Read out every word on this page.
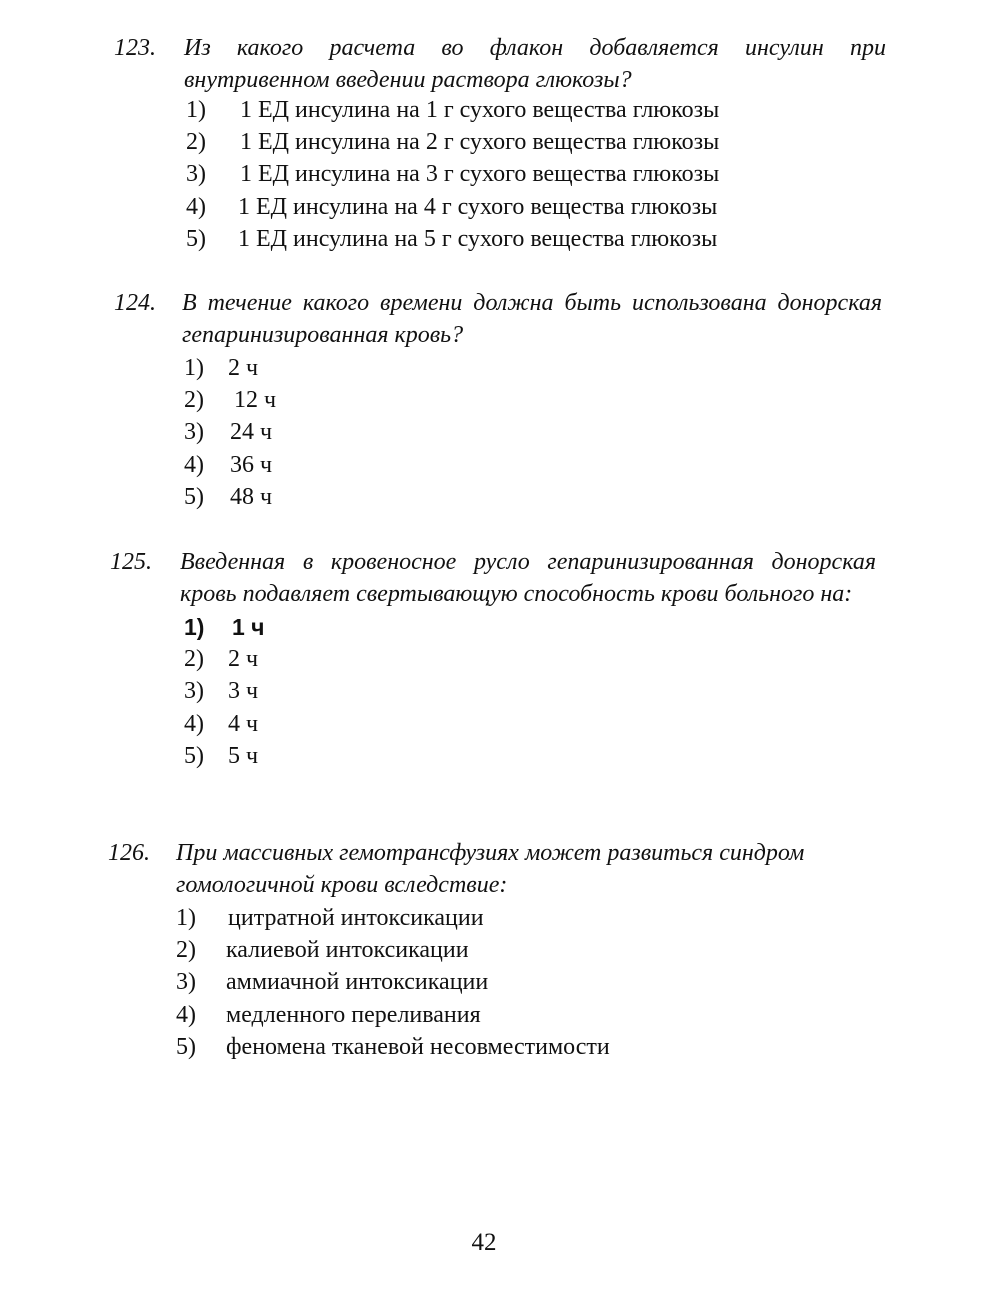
123.	Из какого расчета во флакон добавляется инсулин при внутривенном введении раствора глюкозы?
1)	1 ЕД инсулина на 1 г сухого вещества глюкозы
2)	1 ЕД инсулина на 2 г сухого вещества глюкозы
3)	1 ЕД инсулина на 3 г сухого вещества глюкозы
4)	1 ЕД инсулина на 4 г сухого вещества глюкозы
5)	1 ЕД инсулина на 5 г сухого вещества глюкозы
124.	В течение какого времени должна быть использована донорская гепаринизированная кровь?
1)	2 ч
2)	12 ч
3)	24 ч
4)	36 ч
5)	48 ч
125.	Введенная в кровеносное русло гепаринизированная донорская кровь подавляет свертывающую способность крови больного на:
1)	1 ч
2)	2 ч
3)	3 ч
4)	4 ч
5)	5 ч
126.	При массивных гемотрансфузиях может развиться синдром гомологичной крови вследствие:
1)	цитратной интоксикации
2)	калиевой интоксикации
3)	аммиачной интоксикации
4)	медленного переливания
5)	феномена тканевой несовместимости
42
